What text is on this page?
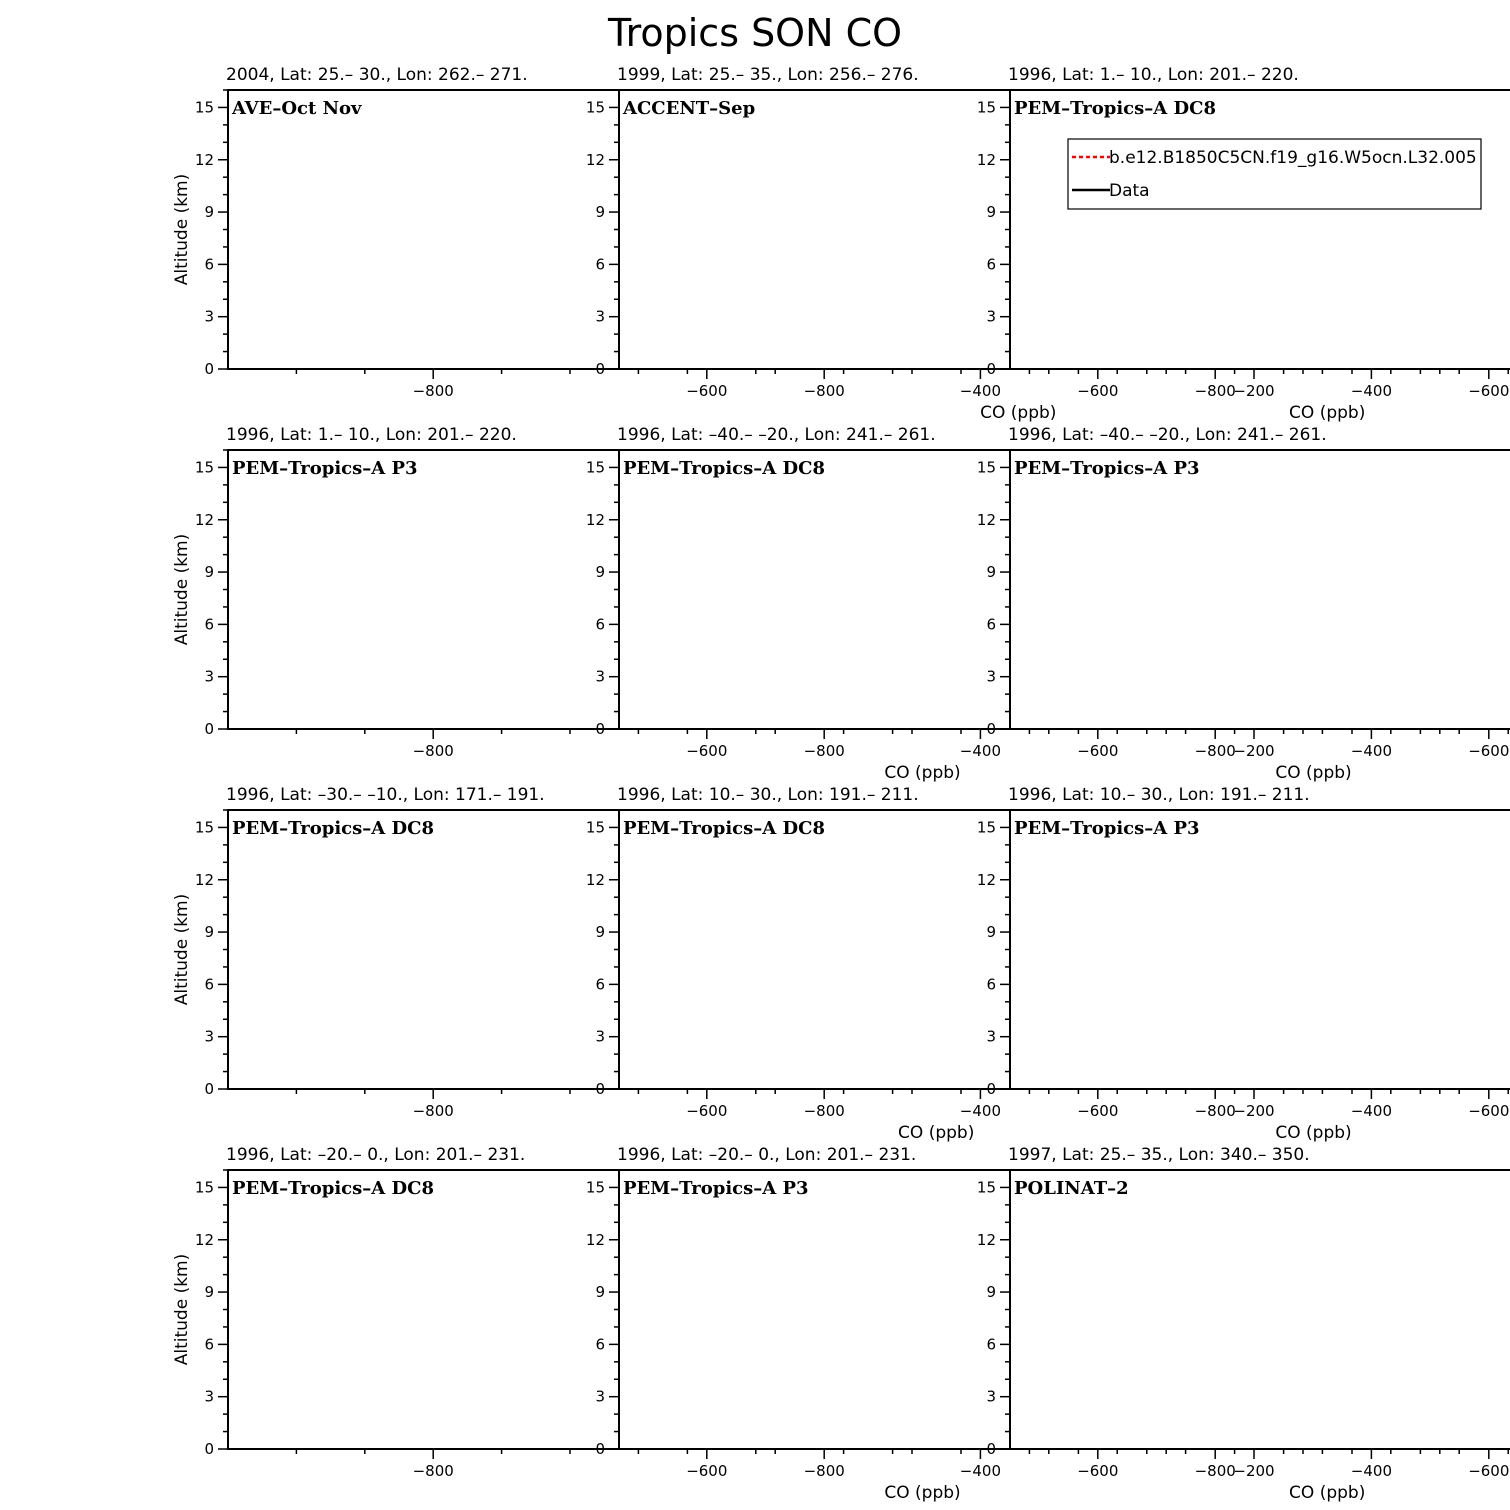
Tropics SON CO
2004, Lat: 25.– 30., Lon: 262.– 271.
0
3
6
9
12
15
−800	−600	−400	−200
CO (ppb)
Altitude (km)
AVE–Oct Nov
1999, Lat: 25.– 35., Lon: 256.– 276.
0
3
6
9
12
15
−800	−600	−400
CO (ppb)
ACCENT–Sep
1996, Lat: 1.– 10., Lon: 201.– 220.
0
3
6
9
12
15
−800	−600
PEM–Tropics–A DC8
1996, Lat: 1.– 10., Lon: 201.– 220.
0
3
6
9
12
15
−800	−600	−400	−200
CO (ppb)
Altitude (km)
PEM–Tropics–A P3
1996, Lat: –40.– –20., Lon: 241.– 261.
0
3
6
9
12
15
−800	−600	−400
CO (ppb)
PEM–Tropics–A DC8
1996, Lat: –40.– –20., Lon: 241.– 261.
0
3
6
9
12
15
−800	−600
PEM–Tropics–A P3
1996, Lat: –30.– –10., Lon: 171.– 191.
0
3
6
9
12
15
−800	−600	−400	−200
CO (ppb)
Altitude (km)
PEM–Tropics–A DC8
1996, Lat: 10.– 30., Lon: 191.– 211.
0
3
6
9
12
15
−800	−600	−400
CO (ppb)
PEM–Tropics–A DC8
1996, Lat: 10.– 30., Lon: 191.– 211.
0
3
6
9
12
15
−800	−600
PEM–Tropics–A P3
1996, Lat: –20.– 0., Lon: 201.– 231.
0
3
6
9
12
15
−800	−600	−400	−200
CO (ppb)
Altitude (km)
PEM–Tropics–A DC8
1996, Lat: –20.– 0., Lon: 201.– 231.
0
3
6
9
12
15
−800	−600	−400
CO (ppb)
PEM–Tropics–A P3
1997, Lat: 25.– 35., Lon: 340.– 350.
0
3
6
9
12
15
−800	−600
POLINAT–2
b.e12.B1850C5CN.f19_g16.W5ocn.L32.005
Data
